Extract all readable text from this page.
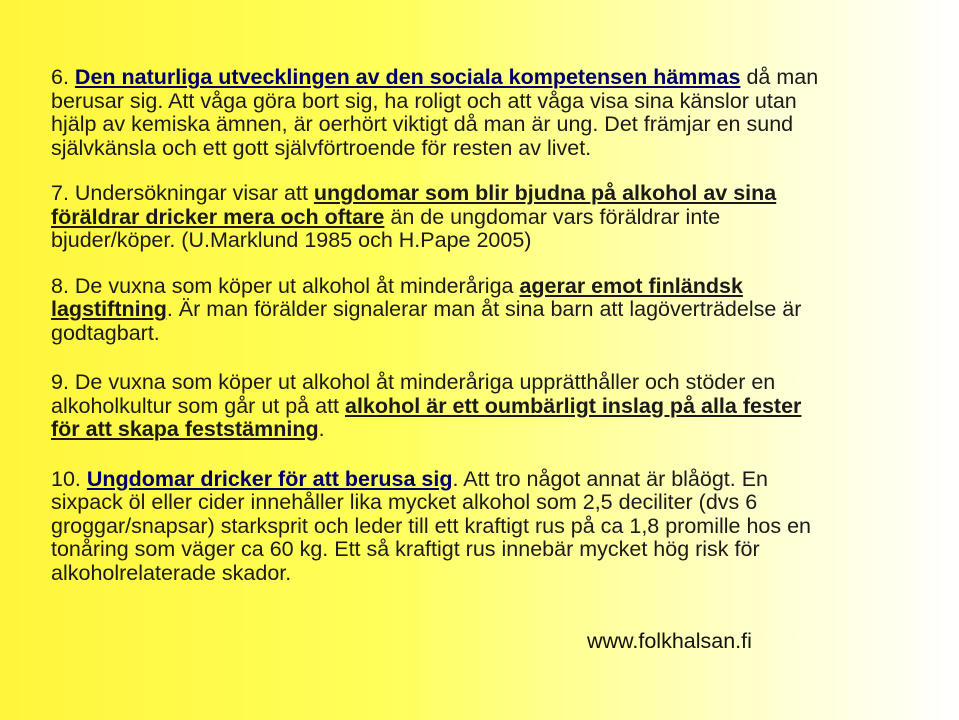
6. Den naturliga utvecklingen av den sociala kompetensen hämmas då man berusar sig. Att våga göra bort sig, ha roligt och att våga visa sina känslor utan hjälp av kemiska ämnen, är oerhört viktigt då man är ung. Det främjar en sund självkänsla och ett gott självförtroende för resten av livet.

7. Undersökningar visar att ungdomar som blir bjudna på alkohol av sina föräldrar dricker mera och oftare än de ungdomar vars föräldrar inte bjuder/köper. (U.Marklund 1985 och H.Pape 2005)

8. De vuxna som köper ut alkohol åt minderåriga agerar emot finländsk lagstiftning. Är man förälder signalerar man åt sina barn att lagöverträdelse är godtagbart.

9. De vuxna som köper ut alkohol åt minderåriga upprätthåller och stöder en alkoholkultur som går ut på att alkohol är ett oumbärligt inslag på alla fester för att skapa feststämning.

10. Ungdomar dricker för att berusa sig. Att tro något annat är blåögt. En sixpack öl eller cider innehåller lika mycket alkohol som 2,5 deciliter (dvs 6 groggar/snapsar) starksprit och leder till ett kraftigt rus på ca 1,8 promille hos en tonåring som väger ca 60 kg. Ett så kraftigt rus innebär mycket hög risk för alkoholrelaterade skador.

www.folkhalsan.fi
